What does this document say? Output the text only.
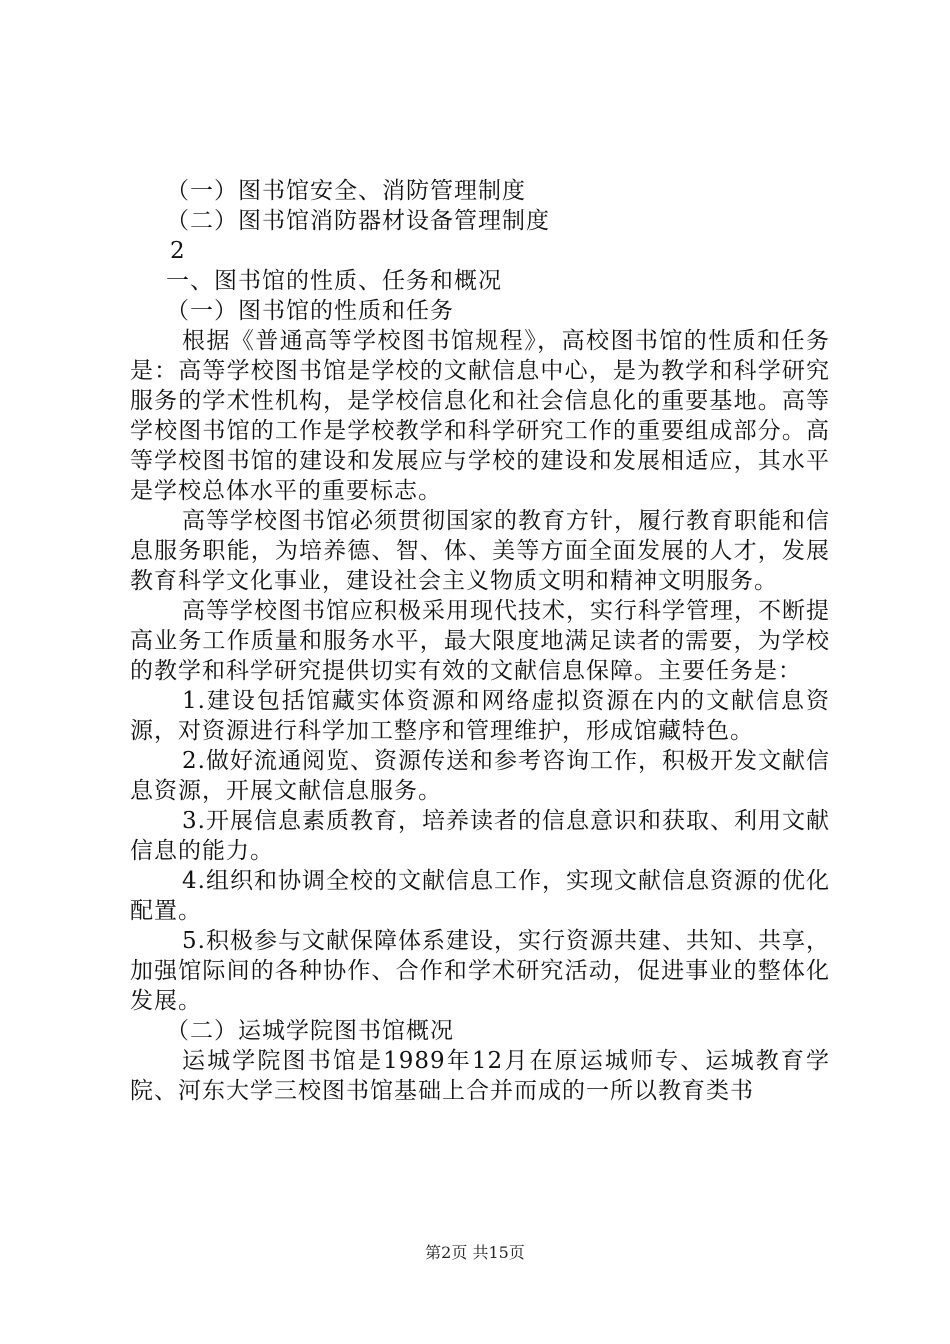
（一）图书馆安全、消防管理制度
（二）图书馆消防器材设备管理制度
2
一、图书馆的性质、任务和概况
（一）图书馆的性质和任务

根据《普通高等学校图书馆规程》，高校图书馆的性质和任务是：高等学校图书馆是学校的文献信息中心，是为教学和科学研究服务的学术性机构，是学校信息化和社会信息化的重要基地。高等学校图书馆的工作是学校教学和科学研究工作的重要组成部分。高等学校图书馆的建设和发展应与学校的建设和发展相适应，其水平是学校总体水平的重要标志。

高等学校图书馆必须贯彻国家的教育方针，履行教育职能和信息服务职能，为培养德、智、体、美等方面全面发展的人才，发展教育科学文化事业，建设社会主义物质文明和精神文明服务。

高等学校图书馆应积极采用现代技术，实行科学管理，不断提高业务工作质量和服务水平，最大限度地满足读者的需要，为学校的教学和科学研究提供切实有效的文献信息保障。主要任务是：

1.建设包括馆藏实体资源和网络虚拟资源在内的文献信息资源，对资源进行科学加工整序和管理维护，形成馆藏特色。

2.做好流通阅览、资源传送和参考咨询工作，积极开发文献信息资源，开展文献信息服务。

3.开展信息素质教育，培养读者的信息意识和获取、利用文献信息的能力。

4.组织和协调全校的文献信息工作，实现文献信息资源的优化配置。

5.积极参与文献保障体系建设，实行资源共建、共知、共享，加强馆际间的各种协作、合作和学术研究活动，促进事业的整体化发展。

（二）运城学院图书馆概况

运城学院图书馆是1989年12月在原运城师专、运城教育学院、河东大学三校图书馆基础上合并而成的一所以教育类书

第2页 共15页
